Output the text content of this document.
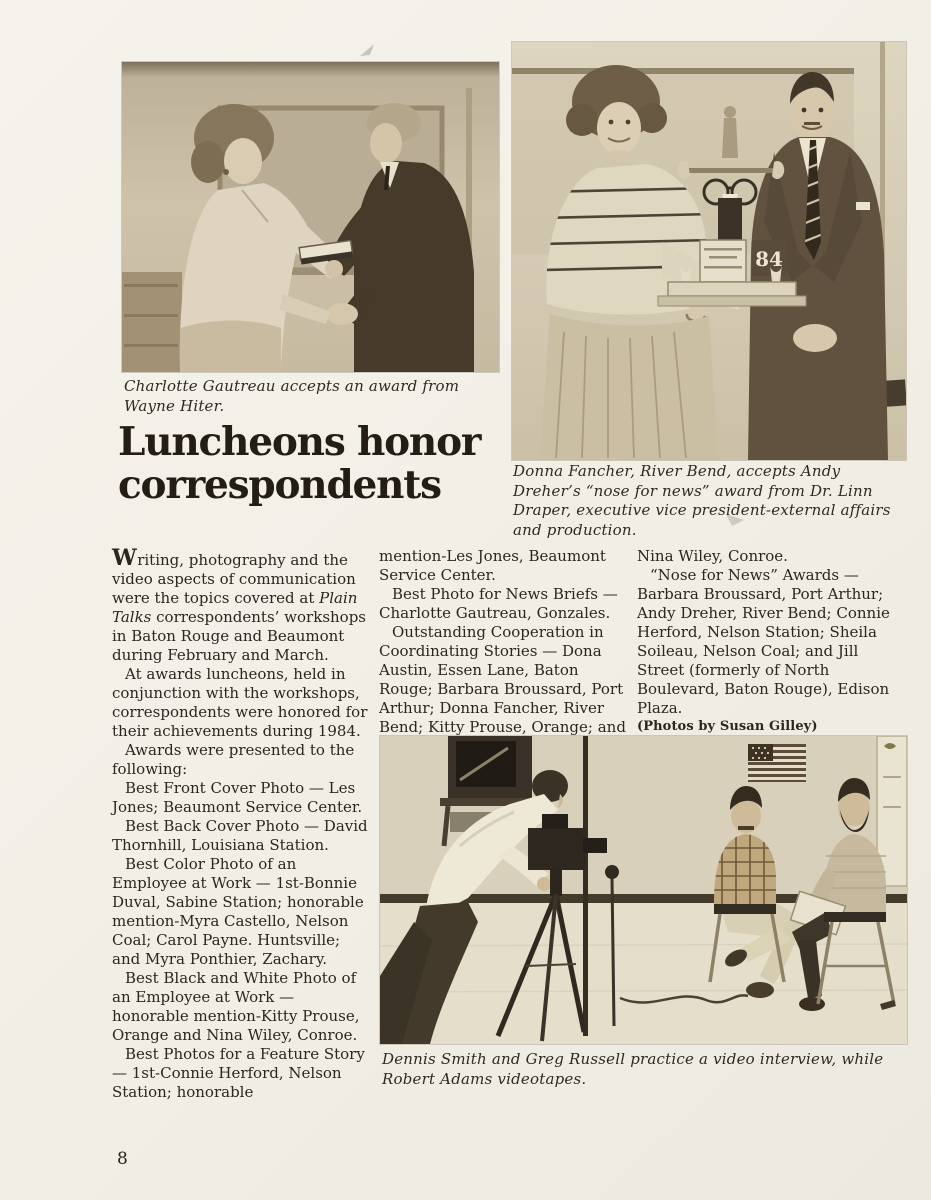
Charlotte Gautreau accepts an award from Wayne Hiter.
84
Donna Fancher, River Bend, accepts Andy Dreher’s “nose for news” award from Dr. Linn Draper, executive vice president-external affairs and production.
Luncheons honor
correspondents

Writing, photography and the video aspects of communication were the topics covered at Plain Talks correspondents’ workshops in Baton Rouge and Beaumont during February and March.

At awards luncheons, held in conjunction with the workshops, correspondents were honored for their achievements during 1984.

Awards were presented to the following:

Best Front Cover Photo — Les Jones; Beaumont Service Center.

Best Back Cover Photo — David Thornhill, Louisiana Station.

Best Color Photo of an Employee at Work — 1st-Bonnie Duval, Sabine Station; honorable mention-Myra Castello, Nelson Coal; Carol Payne. Huntsville; and Myra Ponthier, Zachary.

Best Black and White Photo of an Employee at Work — honorable mention-Kitty Prouse, Orange and Nina Wiley, Conroe.

Best Photos for a Feature Story — 1st-Connie Herford, Nelson Station; honorable

mention-Les Jones, Beaumont Service Center.

Best Photo for News Briefs — Charlotte Gautreau, Gonzales.

Outstanding Cooperation in Coordinating Stories — Dona Austin, Essen Lane, Baton Rouge; Barbara Broussard, Port Arthur; Donna Fancher, River Bend; Kitty Prouse, Orange; and

Nina Wiley, Conroe.

“Nose for News” Awards — Barbara Broussard, Port Arthur; Andy Dreher, River Bend; Connie Herford, Nelson Station; Sheila Soileau, Nelson Coal; and Jill Street (formerly of North Boulevard, Baton Rouge), Edison Plaza.

(Photos by Susan Gilley)

Dennis Smith and Greg Russell practice a video interview, while Robert Adams videotapes.
8
